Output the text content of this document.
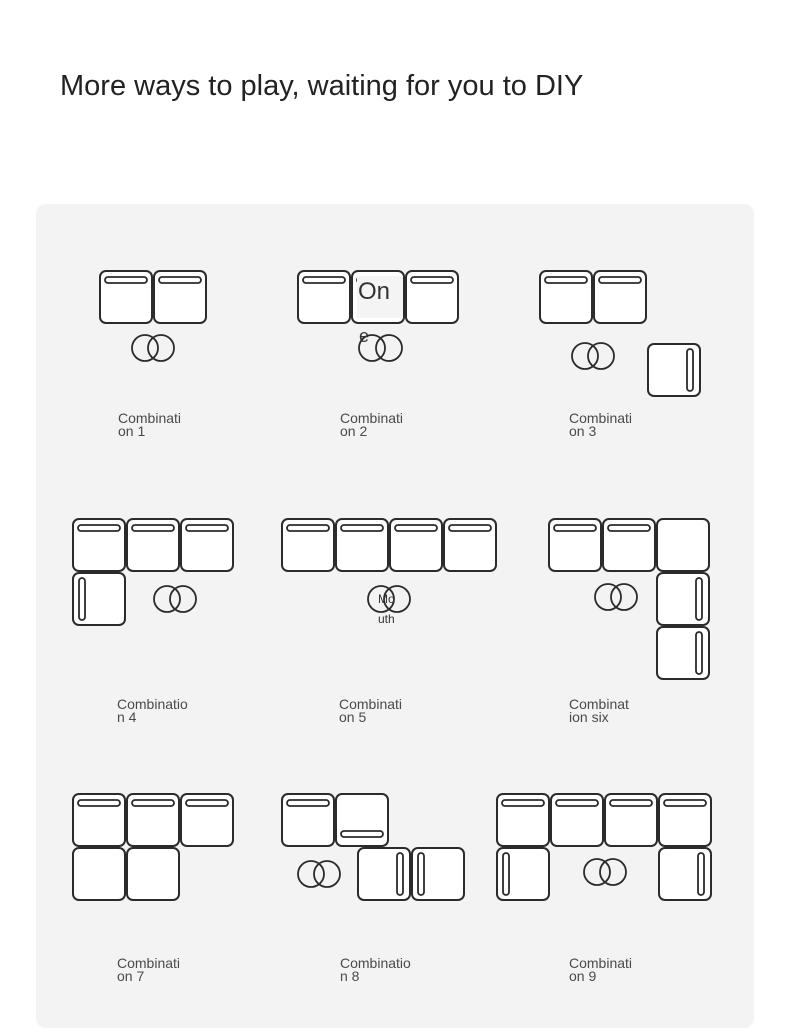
More ways to play, waiting for you to DIY
On
e
Mo
uth
Combinati
on 1
Combinati
on 2
Combinati
on 3
Combinatio
n 4
Combinati
on 5
Combinat
ion six
Combinati
on 7
Combinatio
n 8
Combinati
on 9
